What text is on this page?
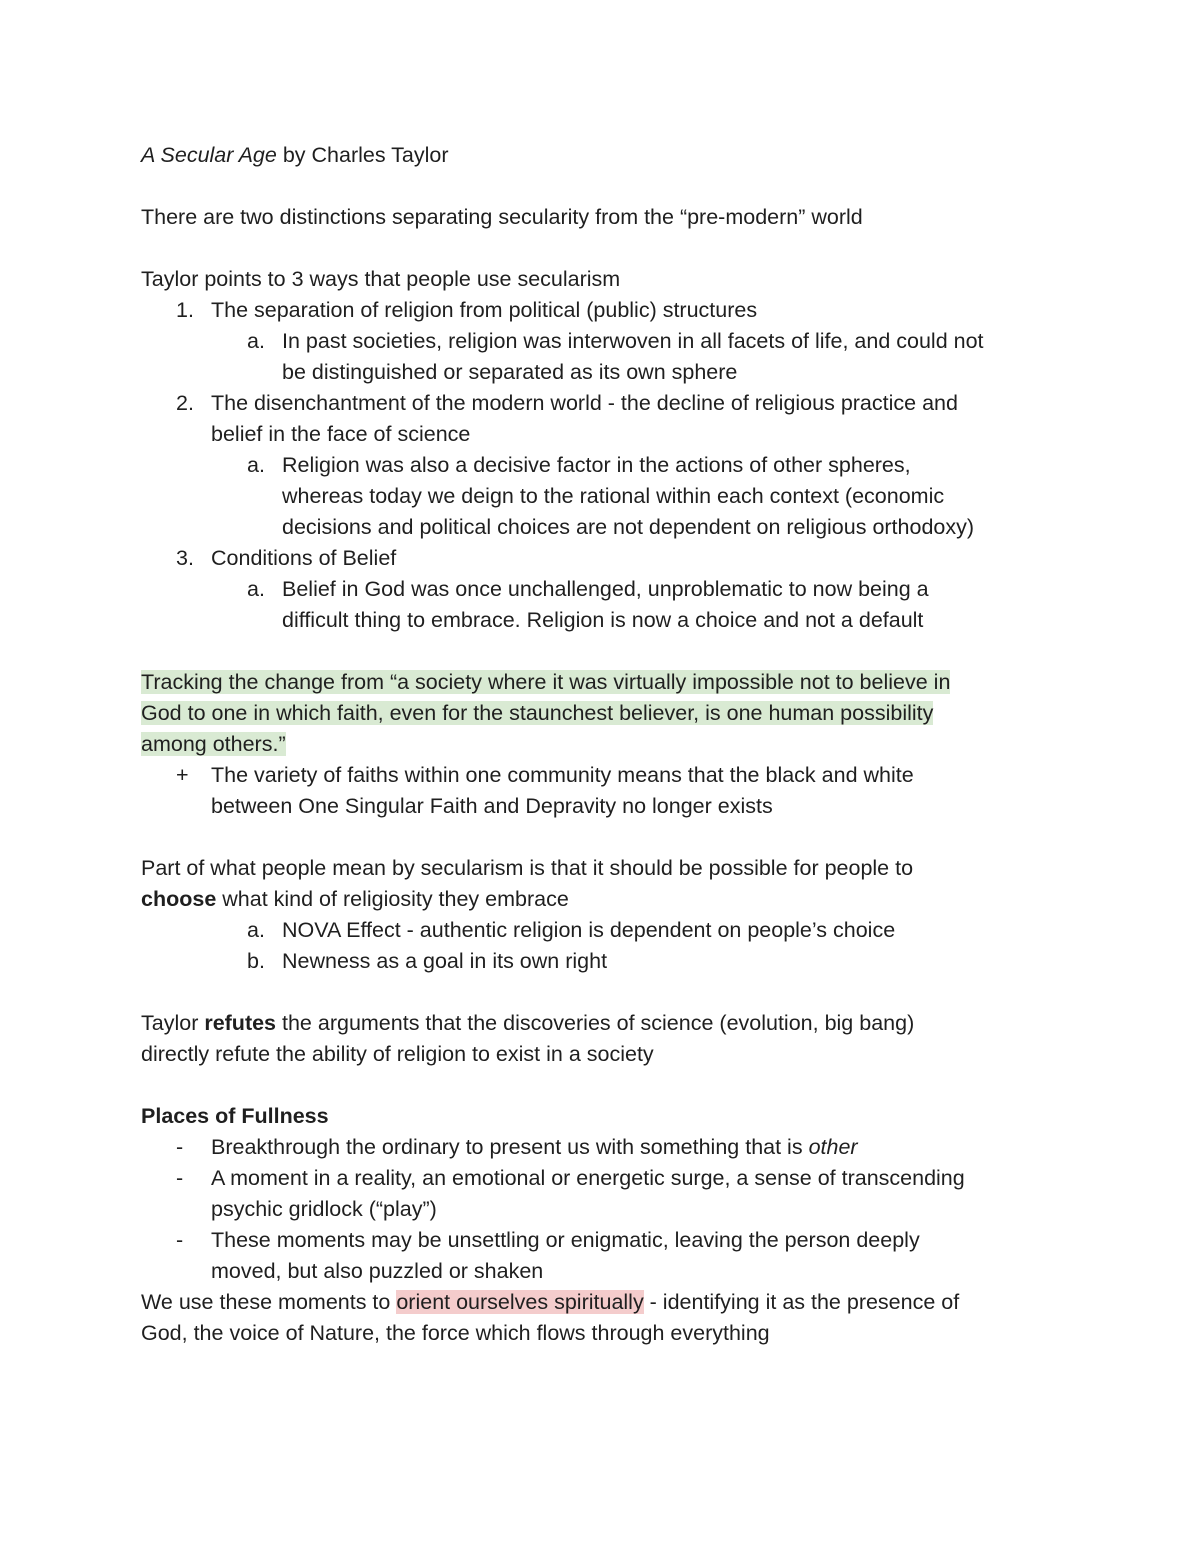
A Secular Age by Charles Taylor
There are two distinctions separating secularity from the “pre-modern” world
Taylor points to 3 ways that people use secularism
1. The separation of religion from political (public) structures
a. In past societies, religion was interwoven in all facets of life, and could not
be distinguished or separated as its own sphere
2. The disenchantment of the modern world - the decline of religious practice and
belief in the face of science
a. Religion was also a decisive factor in the actions of other spheres,
whereas today we deign to the rational within each context (economic
decisions and political choices are not dependent on religious orthodoxy)
3. Conditions of Belief
a. Belief in God was once unchallenged, unproblematic to now being a
difficult thing to embrace. Religion is now a choice and not a default
Tracking the change from “a society where it was virtually impossible not to believe in
God to one in which faith, even for the staunchest believer, is one human possibility
among others.”
+	The variety of faiths within one community means that the black and white
between One Singular Faith and Depravity no longer exists
Part of what people mean by secularism is that it should be possible for people to
choose what kind of religiosity they embrace
a. NOVA Effect - authentic religion is dependent on people’s choice
b. Newness as a goal in its own right
Taylor refutes the arguments that the discoveries of science (evolution, big bang)
directly refute the ability of religion to exist in a society
Places of Fullness
-	Breakthrough the ordinary to present us with something that is other
-	A moment in a reality, an emotional or energetic surge, a sense of transcending
psychic gridlock (“play”)
-	These moments may be unsettling or enigmatic, leaving the person deeply
moved, but also puzzled or shaken
We use these moments to orient ourselves spiritually - identifying it as the presence of
God, the voice of Nature, the force which flows through everything
